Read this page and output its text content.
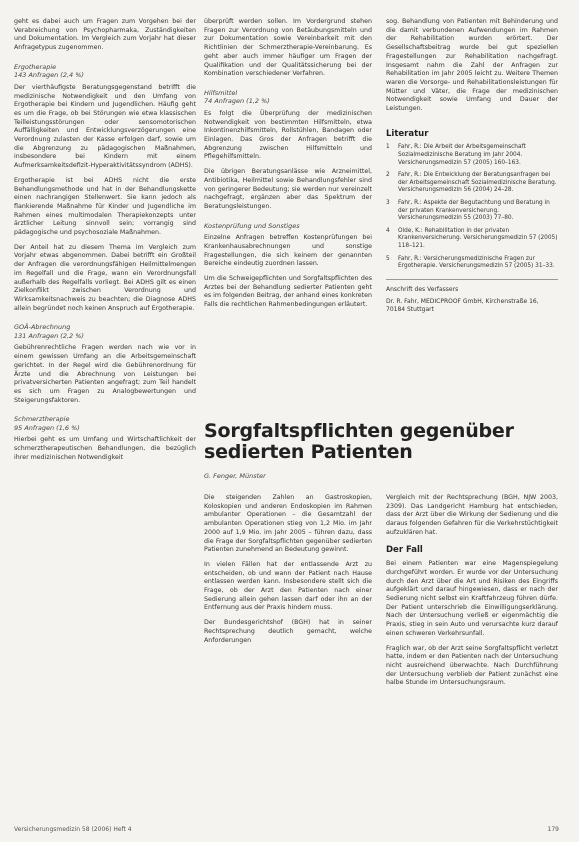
geht es dabei auch um Fragen zum Vorgehen bei der Verabreichung von Psychopharmaka, Zuständigkeiten und Dokumentation. Im Vergleich zum Vorjahr hat dieser Anfragetypus zugenommen.

Ergotherapie
143 Anfragen (2,4 %)

Der vierthäufigste Beratungsgegenstand betrifft die medizinische Notwendigkeit und den Umfang von Ergotherapie bei Kindern und Jugendlichen. Häufig geht es um die Frage, ob bei Störungen wie etwa klassischen Teilleistungsstörungen oder sensomotorischen Auffälligkeiten und Entwicklungsverzögerungen eine Verordnung zulasten der Kasse erfolgen darf, sowie um die Abgrenzung zu pädagogischen Maßnahmen, insbesondere bei Kindern mit einem Aufmerksamkeitsdefizit-Hyperaktivitätssyndrom (ADHS).

Ergotherapie ist bei ADHS nicht die erste Behandlungsmethode und hat in der Behandlungskette einen nachrangigen Stellenwert. Sie kann jedoch als flankierende Maßnahme für Kinder und Jugendliche im Rahmen eines multimodalen Therapiekonzepts unter ärztlicher Leitung sinnvoll sein; vorrangig sind pädagogische und psychosoziale Maßnahmen.

Der Anteil hat zu diesem Thema im Vergleich zum Vorjahr etwas abgenommen. Dabei betrifft ein Großteil der Anfragen die verordnungsfähigen Heilmittelmengen im Regelfall und die Frage, wann ein Verordnungsfall außerhalb des Regelfalls vorliegt. Bei ADHS gilt es einen Zielkonflikt zwischen Verordnung und Wirksamkeitsnachweis zu beachten; die Diagnose ADHS allein begründet noch keinen Anspruch auf Ergotherapie.

GOÄ-Abrechnung
131 Anfragen (2,2 %)

Gebührenrechtliche Fragen werden nach wie vor in einem gewissen Umfang an die Arbeitsgemeinschaft gerichtet. In der Regel wird die Gebührenordnung für Ärzte und die Abrechnung von Leistungen bei privatversicherten Patienten angefragt; zum Teil handelt es sich um Fragen zu Analogbewertungen und Steigerungsfaktoren.

Schmerztherapie
95 Anfragen (1,6 %)

Hierbei geht es um Umfang und Wirtschaftlichkeit der schmerztherapeutischen Behandlungen, die bezüglich ihrer medizinischen Notwendigkeit

überprüft werden sollen. Im Vordergrund stehen Fragen zur Verordnung von Betäubungsmitteln und zur Dokumentation sowie Vereinbarkeit mit den Richtlinien der Schmerztherapie-Vereinbarung. Es geht aber auch immer häufiger um Fragen der Qualifikation und der Qualitätssicherung bei der Kombination verschiedener Verfahren.

Hilfsmittel
74 Anfragen (1,2 %)

Es folgt die Überprüfung der medizinischen Notwendigkeit von bestimmten Hilfsmitteln, etwa Inkontinenzhilfsmitteln, Rollstühlen, Bandagen oder Einlagen. Das Gros der Anfragen betrifft die Abgrenzung zwischen Hilfsmitteln und Pflegehilfsmitteln.

Die übrigen Beratungsanlässe wie Arzneimittel, Antibiotika, Heilmittel sowie Behandlungsfehler sind von geringerer Bedeutung; sie werden nur vereinzelt nachgefragt, ergänzen aber das Spektrum der Beratungsleistungen.

Kostenprüfung und Sonstiges

Einzelne Anfragen betreffen Kostenprüfungen bei Krankenhausabrechnungen und sonstige Fragestellungen, die sich keinem der genannten Bereiche eindeutig zuordnen lassen.

Um die Schweigepflichten und Sorgfaltspflichten des Arztes bei der Behandlung sedierter Patienten geht es im folgenden Beitrag, der anhand eines konkreten Falls die rechtlichen Rahmenbedingungen erläutert.

sog. Behandlung von Patienten mit Behinderung und die damit verbundenen Aufwendungen im Rahmen der Rehabilitation wurden erörtert. Der Gesellschaftsbeitrag wurde bei gut speziellen Fragestellungen zur Rehabilitation nachgefragt. Insgesamt nahm die Zahl der Anfragen zur Rehabilitation im Jahr 2005 leicht zu. Weitere Themen waren die Vorsorge- und Rehabilitationsleistungen für Mütter und Väter, die Frage der medizinischen Notwendigkeit sowie Umfang und Dauer der Leistungen.

Literatur
1	Fahr, R.: Die Arbeit der Arbeitsgemeinschaft Sozialmedizinische Beratung im Jahr 2004. Versicherungsmedizin 57 (2005) 160–163.
2	Fahr, R.: Die Entwicklung der Beratungsanfragen bei der Arbeitsgemeinschaft Sozialmedizinische Beratung. Versicherungsmedizin 56 (2004) 24–28.
3	Fahr, R.: Aspekte der Begutachtung und Beratung in der privaten Krankenversicherung. Versicherungsmedizin 55 (2003) 77–80.
4	Olde, K.: Rehabilitation in der privaten Krankenversicherung. Versicherungsmedizin 57 (2005) 118–121.
5	Fahr, R.: Versicherungsmedizinische Fragen zur Ergotherapie. Versicherungsmedizin 57 (2005) 31–33.
Anschrift des Verfassers
Dr. R. Fahr, MEDICPROOF GmbH, Kirchenstraße 16, 70184 Stuttgart
Sorgfaltspflichten gegenüber sedierten Patienten
G. Fenger, Münster

Die steigenden Zahlen an Gastroskopien, Koloskopien und anderen Endoskopien im Rahmen ambulanter Operationen – die Gesamtzahl der ambulanten Operationen stieg von 1,2 Mio. im Jahr 2000 auf 1,9 Mio. im Jahr 2005 – führen dazu, dass die Frage der Sorgfaltspflichten gegenüber sedierten Patienten zunehmend an Bedeutung gewinnt.

In vielen Fällen hat der entlassende Arzt zu entscheiden, ob und wann der Patient nach Hause entlassen werden kann. Insbesondere stellt sich die Frage, ob der Arzt den Patienten nach einer Sedierung allein gehen lassen darf oder ihn an der Entfernung aus der Praxis hindern muss.

Der Bundesgerichtshof (BGH) hat in seiner Rechtsprechung deutlich gemacht, welche Anforderungen

Vergleich mit der Rechtsprechung (BGH, NJW 2003, 2309). Das Landgericht Hamburg hat entschieden, dass der Arzt über die Wirkung der Sedierung und die daraus folgenden Gefahren für die Verkehrstüchtigkeit aufzuklären hat.

Der Fall

Bei einem Patienten war eine Magenspiegelung durchgeführt worden. Er wurde vor der Untersuchung durch den Arzt über die Art und Risiken des Eingriffs aufgeklärt und darauf hingewiesen, dass er nach der Sedierung nicht selbst ein Kraftfahrzeug führen dürfe. Der Patient unterschrieb die Einwilligungserklärung. Nach der Untersuchung verließ er eigenmächtig die Praxis, stieg in sein Auto und verursachte kurz darauf einen schweren Verkehrsunfall.

Fraglich war, ob der Arzt seine Sorgfaltspflicht verletzt hatte, indem er den Patienten nach der Untersuchung nicht ausreichend überwachte. Nach Durchführung der Untersuchung verblieb der Patient zunächst eine halbe Stunde im Untersuchungsraum.

Versicherungsmedizin 58 (2006) Heft 4	179
